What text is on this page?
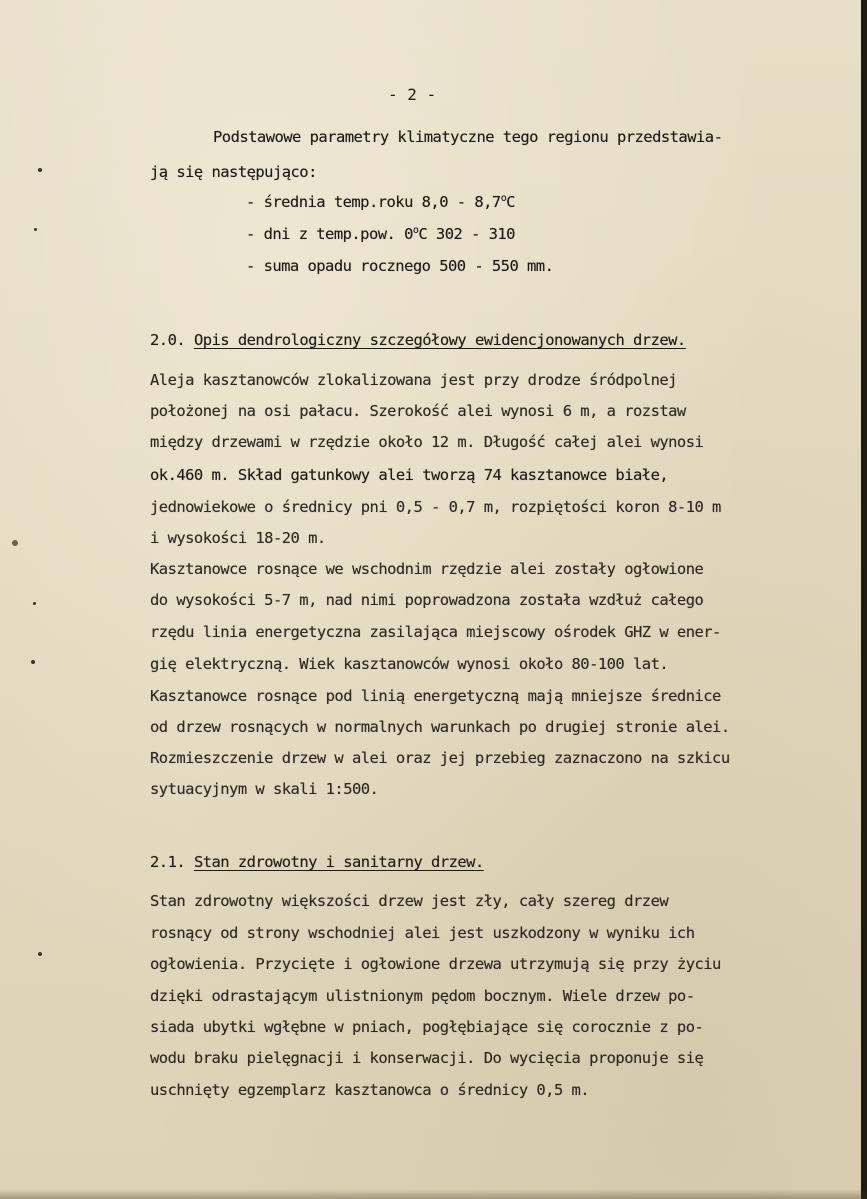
- 2 -
Podstawowe parametry klimatyczne tego regionu przedstawia-
ją się następująco:
- średnia temp.roku 8,0 - 8,7$^o$C
- dni z temp.pow. 0$^o$C 302 - 310
- suma opadu rocznego 500 - 550 mm.
2.0. Opis dendrologiczny szczegółowy ewidencjonowanych drzew.
Aleja kasztanowców zlokalizowana jest przy drodze śródpolnej
położonej na osi pałacu. Szerokość alei wynosi 6 m, a rozstaw
między drzewami w rzędzie około 12 m. Długość całej alei wynosi
ok.460 m. Skład gatunkowy alei tworzą 74 kasztanowce białe,
jednowiekowe o średnicy pni 0,5 - 0,7 m, rozpiętości koron 8-10 m
i wysokości 18-20 m.
Kasztanowce rosnące we wschodnim rzędzie alei zostały ogłowione
do wysokości 5-7 m, nad nimi poprowadzona została wzdłuż całego
rzędu linia energetyczna zasilająca miejscowy ośrodek GHZ w ener-
gię elektryczną. Wiek kasztanowców wynosi około 80-100 lat.
Kasztanowce rosnące pod linią energetyczną mają mniejsze średnice
od drzew rosnących w normalnych warunkach po drugiej stronie alei.
Rozmieszczenie drzew w alei oraz jej przebieg zaznaczono na szkicu
sytuacyjnym w skali 1:500.
2.1. Stan zdrowotny i sanitarny drzew.
Stan zdrowotny większości drzew jest zły, cały szereg drzew
rosnący od strony wschodniej alei jest uszkodzony w wyniku ich
ogłowienia. Przycięte i ogłowione drzewa utrzymują się przy życiu
dzięki odrastającym ulistnionym pędom bocznym. Wiele drzew po-
siada ubytki wgłębne w pniach, pogłębiające się corocznie z po-
wodu braku pielęgnacji i konserwacji. Do wycięcia proponuje się
uschnięty egzemplarz kasztanowca o średnicy 0,5 m.
